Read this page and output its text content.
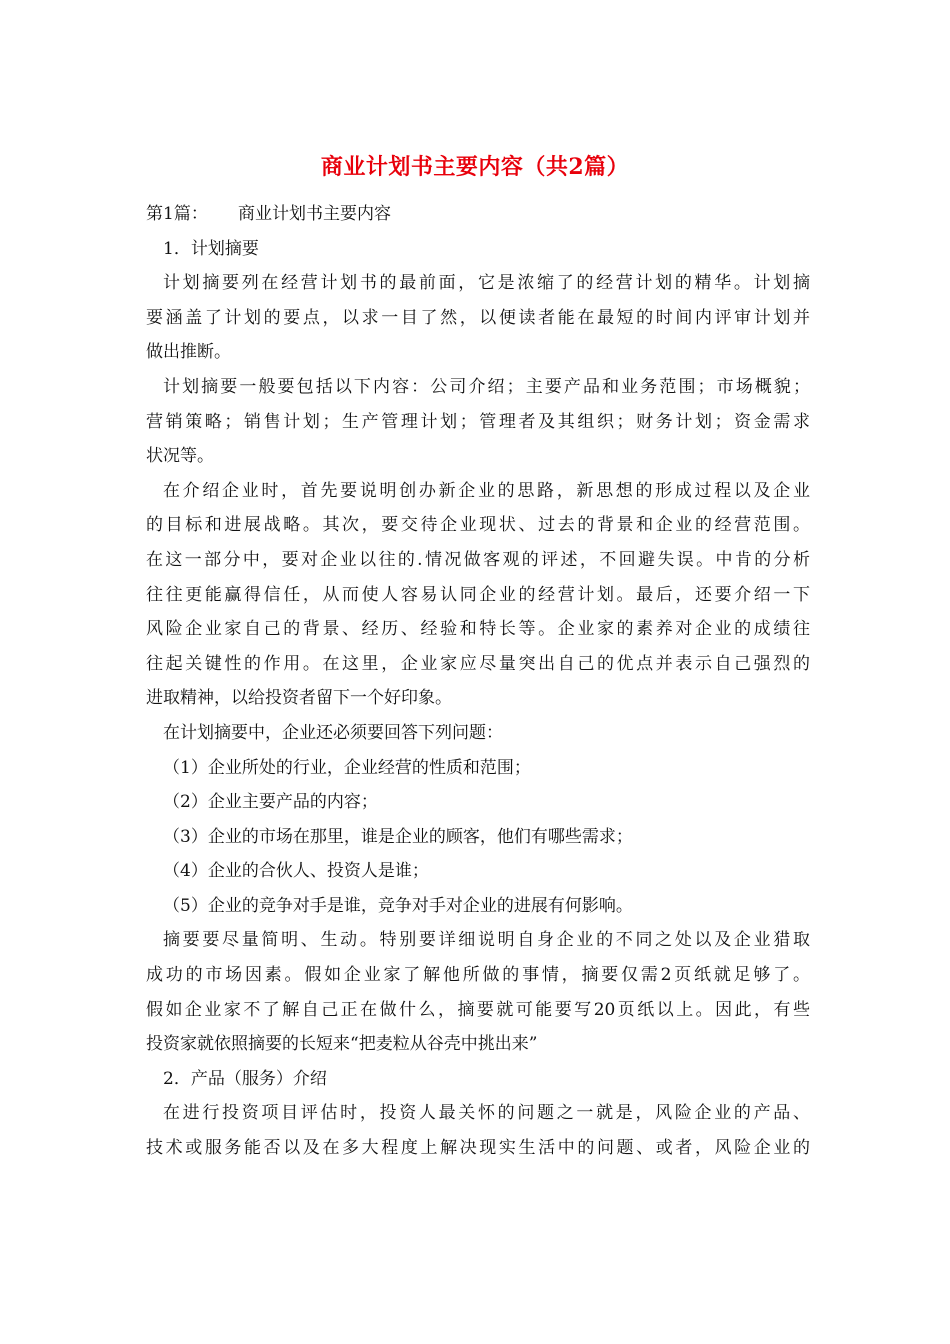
商业计划书主要内容（共2篇）
第1篇： 商业计划书主要内容
1．计划摘要
计划摘要列在经营计划书的最前面，它是浓缩了的经营计划的精华。计划摘
要涵盖了计划的要点，以求一目了然，以便读者能在最短的时间内评审计划并
做出推断。
计划摘要一般要包括以下内容：公司介绍；主要产品和业务范围；市场概貌；
营销策略；销售计划；生产管理计划；管理者及其组织；财务计划；资金需求
状况等。
在介绍企业时，首先要说明创办新企业的思路，新思想的形成过程以及企业
的目标和进展战略。其次，要交待企业现状、过去的背景和企业的经营范围。
在这一部分中，要对企业以往的.情况做客观的评述，不回避失误。中肯的分析
往往更能赢得信任，从而使人容易认同企业的经营计划。最后，还要介绍一下
风险企业家自己的背景、经历、经验和特长等。企业家的素养对企业的成绩往
往起关键性的作用。在这里，企业家应尽量突出自己的优点并表示自己强烈的
进取精神，以给投资者留下一个好印象。
在计划摘要中，企业还必须要回答下列问题：
（1）企业所处的行业，企业经营的性质和范围；
（2）企业主要产品的内容；
（3）企业的市场在那里，谁是企业的顾客，他们有哪些需求；
（4）企业的合伙人、投资人是谁；
（5）企业的竞争对手是谁，竞争对手对企业的进展有何影响。
摘要要尽量简明、生动。特别要详细说明自身企业的不同之处以及企业猎取
成功的市场因素。假如企业家了解他所做的事情，摘要仅需2页纸就足够了。
假如企业家不了解自己正在做什么，摘要就可能要写20页纸以上。因此，有些
投资家就依照摘要的长短来“把麦粒从谷壳中挑出来”
2．产品（服务）介绍
在进行投资项目评估时，投资人最关怀的问题之一就是，风险企业的产品、
技术或服务能否以及在多大程度上解决现实生活中的问题、或者，风险企业的
